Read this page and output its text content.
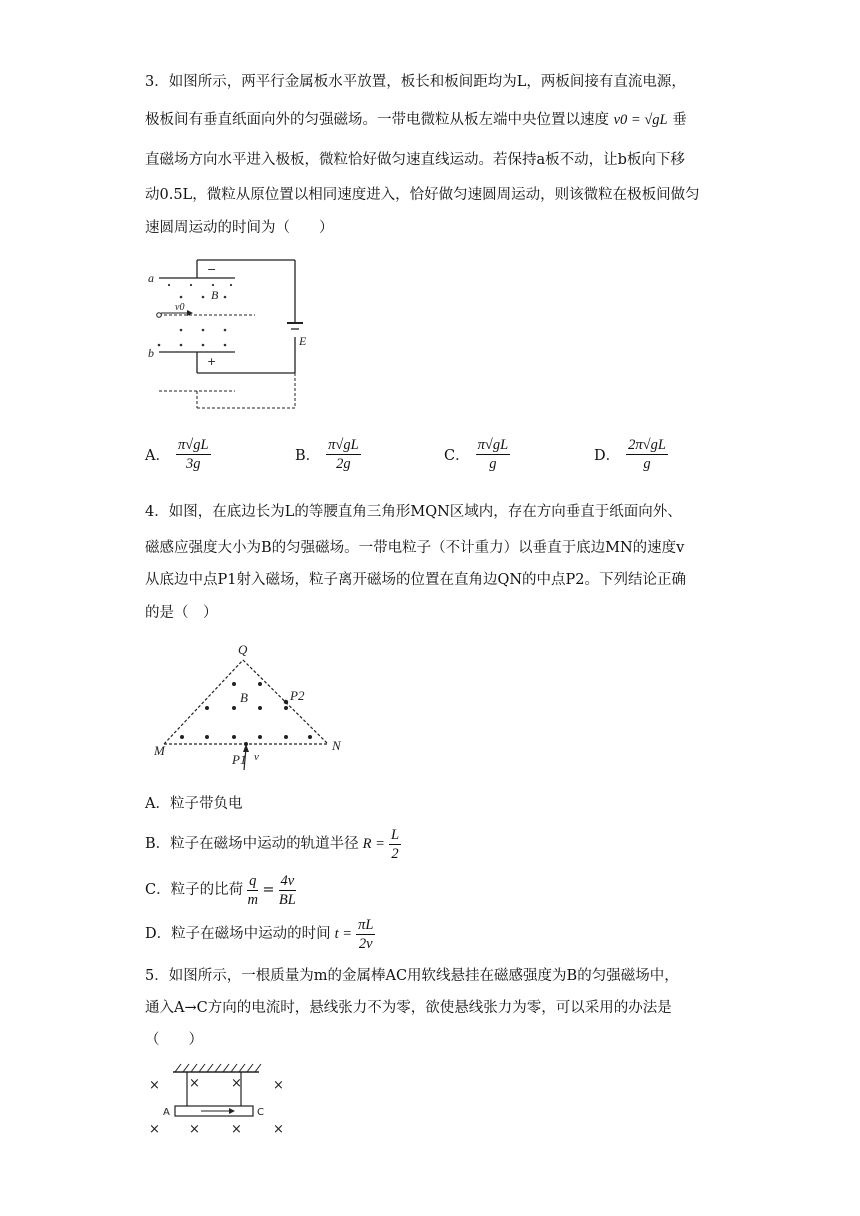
3．如图所示，两平行金属板水平放置，板长和板间距均为L，两板间接有直流电源，
极板间有垂直纸面向外的匀强磁场。一带电微粒从板左端中央位置以速度 v0 = √gL 垂
直磁场方向水平进入极板，微粒恰好做匀速直线运动。若保持a板不动，让b板向下移
动0.5L，微粒从原位置以相同速度进入，恰好做匀速圆周运动，则该微粒在极板间做匀
速圆周运动的时间为（　　）
a
b
B
v0
E
−
+
A． $\frac{\pi√gL}{3g}$	B． $\frac{\pi√gL}{2g}$	C． $\frac{\pi√gL}{g}$	D． $\frac{2\pi√gL}{g}$
4．如图，在底边长为L的等腰直角三角形MQN区域内，存在方向垂直于纸面向外、
磁感应强度大小为B的匀强磁场。一带电粒子（不计重力）以垂直于底边MN的速度v
从底边中点P1射入磁场，粒子离开磁场的位置在直角边QN的中点P2。下列结论正确
的是（　）
Q
B	P2
M	N
P1 v
A．粒子带负电
B．粒子在磁场中运动的轨道半径 $R = \frac{L}{2}$
C．粒子的比荷 $\frac{q}{m} = \frac{4v}{BL}$
D．粒子在磁场中运动的时间 $t = \frac{\pi L}{2v}$
5．如图所示，一根质量为m的金属棒AC用软线悬挂在磁感强度为B的匀强磁场中，
通入A→C方向的电流时，悬线张力不为零，欲使悬线张力为零，可以采用的办法是
（　　）
× × × ×
× × × ×
A	C
